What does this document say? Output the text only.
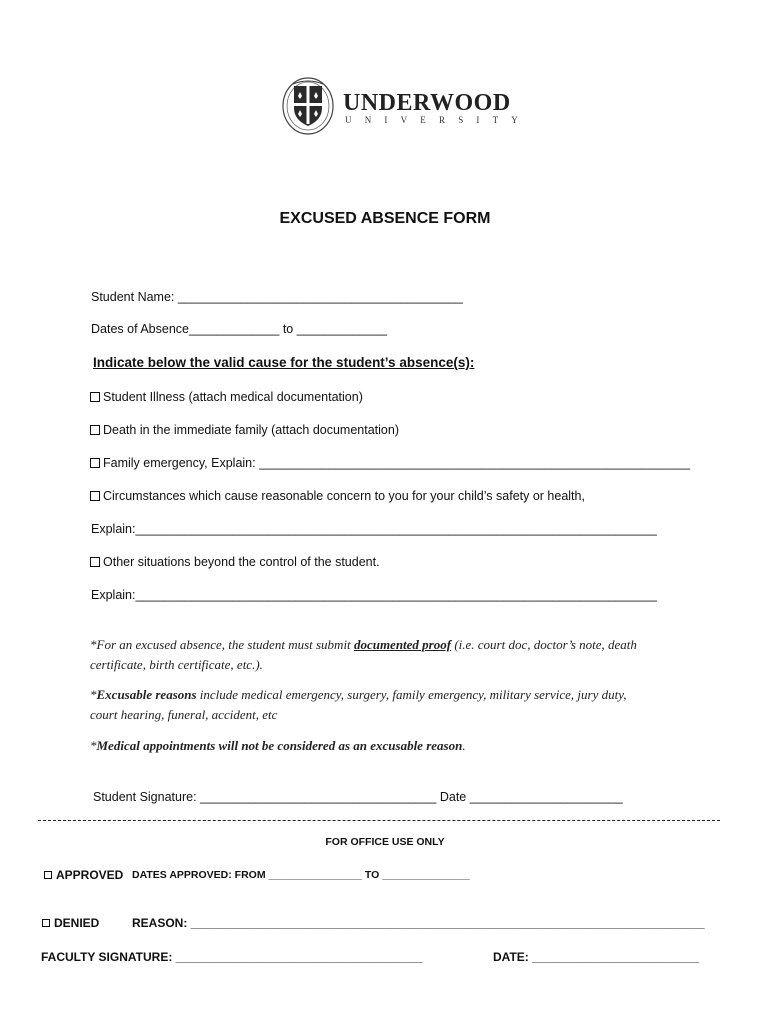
UNDERWOOD
UNIVERSITY
EXCUSED ABSENCE FORM
Student Name: _________________________________________
Dates of Absence_____________ to _____________
Indicate below the valid cause for the student’s absence(s):
Student Illness (attach medical documentation)
Death in the immediate family (attach documentation)
Family emergency, Explain: ______________________________________________________________
Circumstances which cause reasonable concern to you for your child’s safety or health,
Explain:___________________________________________________________________________
Other situations beyond the control of the student.
Explain:___________________________________________________________________________
*For an excused absence, the student must submit documented proof (i.e. court doc, doctor’s note, death
certificate, birth certificate, etc.).
*Excusable reasons include medical emergency, surgery, family emergency, military service, jury duty,
court hearing, funeral, accident, etc
*Medical appointments will not be considered as an excusable reason.
Student Signature: __________________________________ Date ______________________
FOR OFFICE USE ONLY
APPROVED DATES APPROVED: FROM ________________ TO _______________
DENIED	REASON: _____________________________________________________________________________
FACULTY SIGNATURE: _____________________________________	DATE: _________________________
